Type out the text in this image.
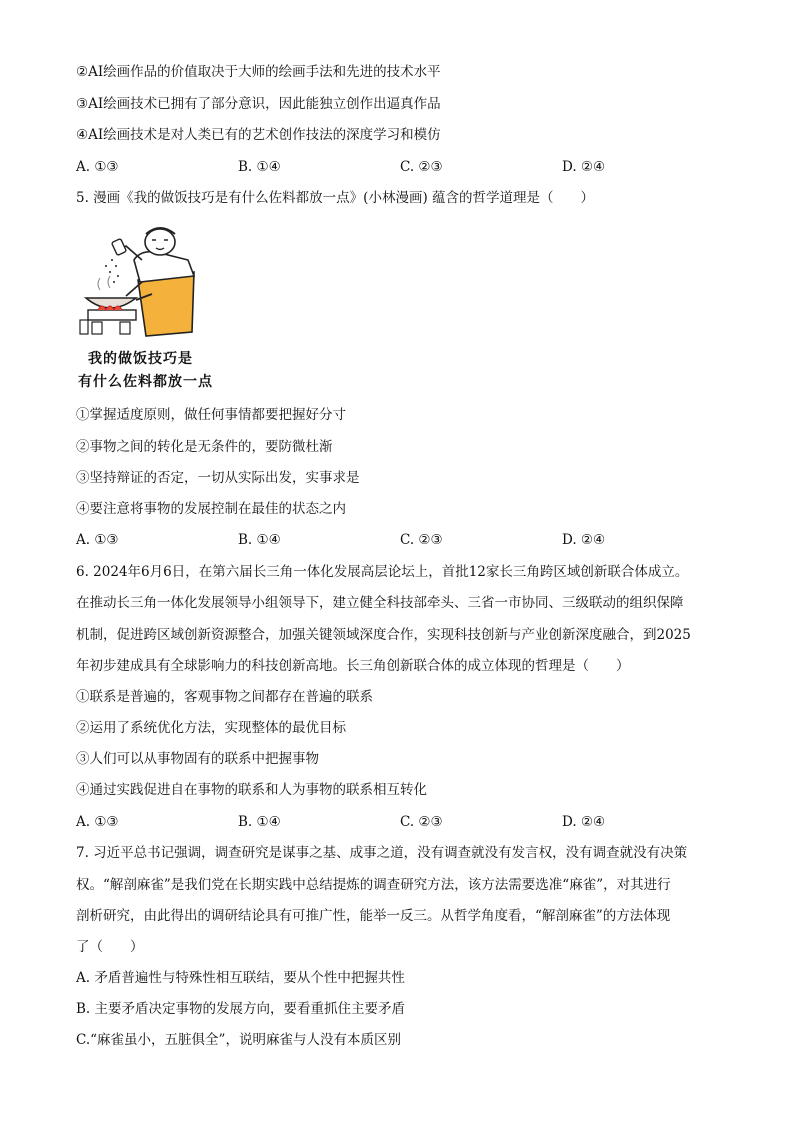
②AI绘画作品的价值取决于大师的绘画手法和先进的技术水平
③AI绘画技术已拥有了部分意识，因此能独立创作出逼真作品
④AI绘画技术是对人类已有的艺术创作技法的深度学习和模仿
A. ①③	B. ①④	C. ②③	D. ②④
5. 漫画《我的做饭技巧是有什么佐料都放一点》(小林漫画) 蕴含的哲学道理是（　　）
我的做饭技巧是
有什么佐料都放一点
①掌握适度原则，做任何事情都要把握好分寸
②事物之间的转化是无条件的，要防微杜渐
③坚持辩证的否定，一切从实际出发，实事求是
④要注意将事物的发展控制在最佳的状态之内
A. ①③	B. ①④	C. ②③	D. ②④
6. 2024年6月6日，在第六届长三角一体化发展高层论坛上，首批12家长三角跨区域创新联合体成立。
在推动长三角一体化发展领导小组领导下，建立健全科技部牵头、三省一市协同、三级联动的组织保障
机制，促进跨区域创新资源整合，加强关键领域深度合作，实现科技创新与产业创新深度融合，到2025
年初步建成具有全球影响力的科技创新高地。长三角创新联合体的成立体现的哲理是（　　）
①联系是普遍的，客观事物之间都存在普遍的联系
②运用了系统优化方法，实现整体的最优目标
③人们可以从事物固有的联系中把握事物
④通过实践促进自在事物的联系和人为事物的联系相互转化
A. ①③	B. ①④	C. ②③	D. ②④
7. 习近平总书记强调，调查研究是谋事之基、成事之道，没有调查就没有发言权，没有调查就没有决策
权。“解剖麻雀”是我们党在长期实践中总结提炼的调查研究方法，该方法需要选准“麻雀”，对其进行
剖析研究，由此得出的调研结论具有可推广性，能举一反三。从哲学角度看，“解剖麻雀”的方法体现
了（　　）
A. 矛盾普遍性与特殊性相互联结，要从个性中把握共性
B. 主要矛盾决定事物的发展方向，要看重抓住主要矛盾
C.“麻雀虽小，五脏俱全”，说明麻雀与人没有本质区别
